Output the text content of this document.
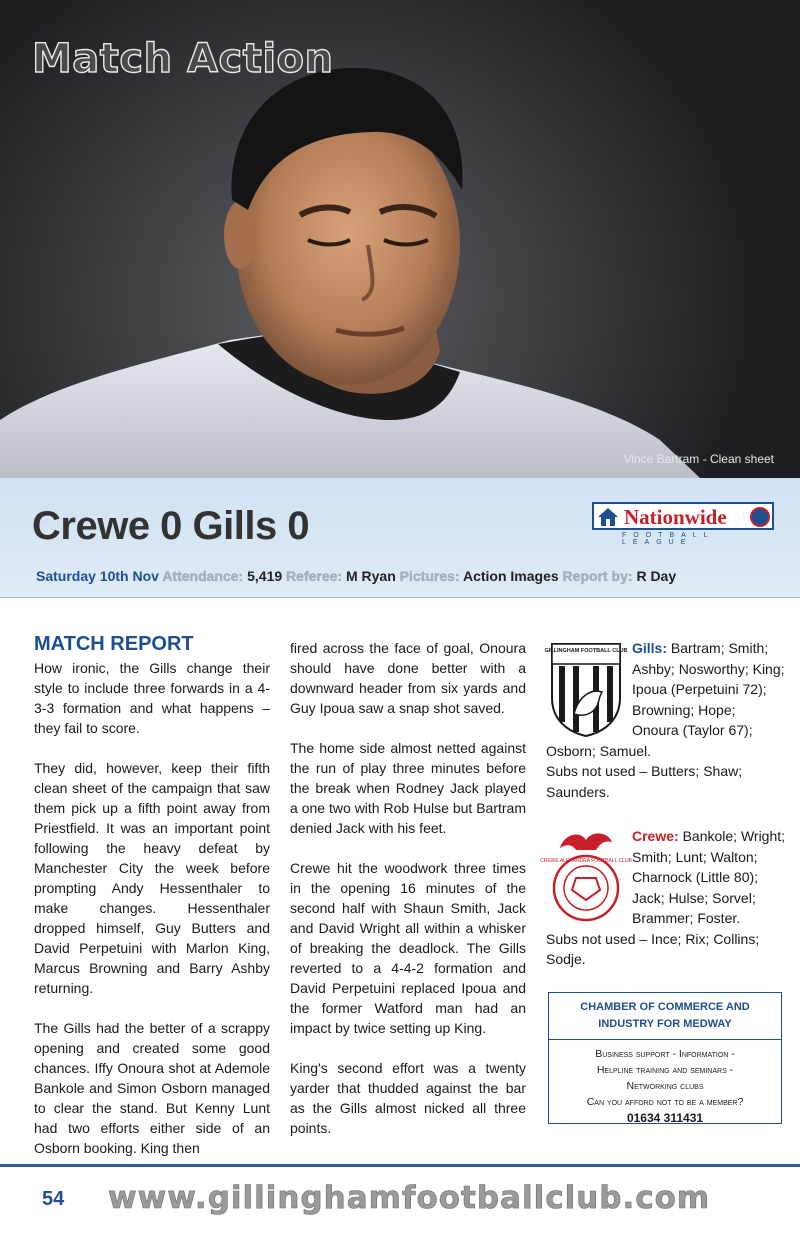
Match Action
Vince Bartram - Clean sheet
Crewe 0 Gills 0	Nationwide
FOOTBALL LEAGUE
Saturday 10th Nov Attendance: 5,419 Referee: M Ryan Pictures: Action Images Report by: R Day
MATCH REPORT

How ironic, the Gills change their style to include three forwards in a 4-3-3 formation and what happens – they fail to score.

They did, however, keep their fifth clean sheet of the campaign that saw them pick up a fifth point away from Priestfield. It was an important point following the heavy defeat by Manchester City the week before prompting Andy Hessenthaler to make changes. Hessenthaler dropped himself, Guy Butters and David Perpetuini with Marlon King, Marcus Browning and Barry Ashby returning.

The Gills had the better of a scrappy opening and created some good chances. Iffy Onoura shot at Ademole Bankole and Simon Osborn managed to clear the stand. But Kenny Lunt had two efforts either side of an Osborn booking. King then

fired across the face of goal, Onoura should have done better with a downward header from six yards and Guy Ipoua saw a snap shot saved.

The home side almost netted against the run of play three minutes before the break when Rodney Jack played a one two with Rob Hulse but Bartram denied Jack with his feet.

Crewe hit the woodwork three times in the opening 16 minutes of the second half with Shaun Smith, Jack and David Wright all within a whisker of breaking the deadlock. The Gills reverted to a 4-4-2 formation and David Perpetuini replaced Ipoua and the former Watford man had an impact by twice setting up King.

King's second effort was a twenty yarder that thudded against the bar as the Gills almost nicked all three points.

GILLINGHAM FOOTBALL CLUB Gills: Bartram; Smith; Ashby; Nosworthy; King; Ipoua (Perpetuini 72); Browning; Hope; Onoura (Taylor 67); Osborn; Samuel.
Subs not used – Butters; Shaw; Saunders.
CREWE ALEXANDRA FOOTBALL CLUB
Crewe: Bankole; Wright; Smith; Lunt; Walton; Charnock (Little 80); Jack; Hulse; Sorvel; Brammer; Foster.
Subs not used – Ince; Rix; Collins; Sodje.
CHAMBER OF COMMERCE AND INDUSTRY FOR MEDWAY
Business support - Information -
Helpline training and seminars -
Networking clubs
Can you afford not to be a member?
01634 311431
54 www.gillinghamfootballclub.com
